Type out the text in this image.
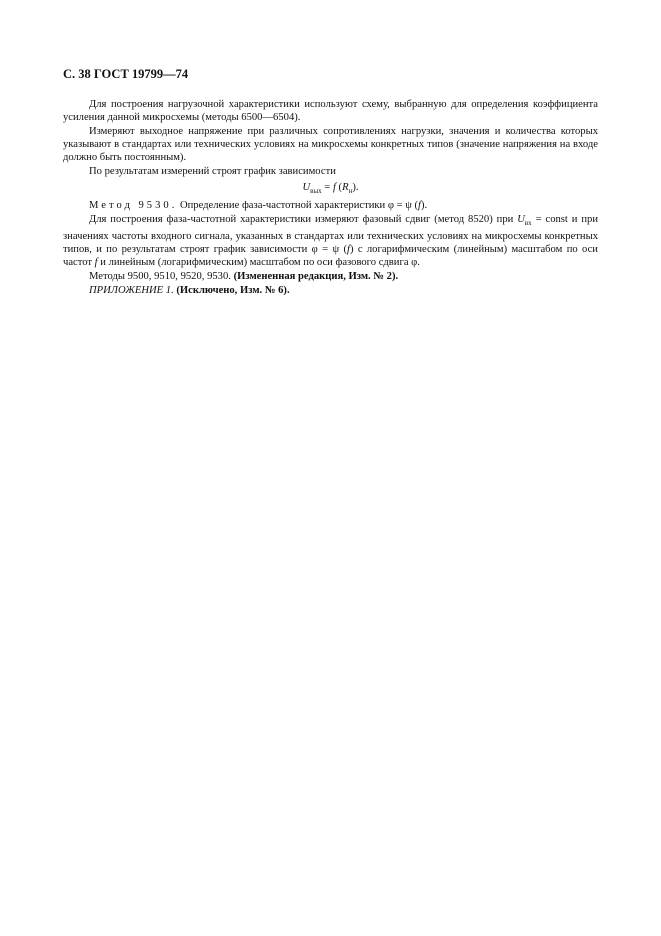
С. 38 ГОСТ 19799—74

Для построения нагрузочной характеристики используют схему, выбранную для определения коэффициента усиления данной микросхемы (методы 6500—6504).

Измеряют выходное напряжение при различных сопротивлениях нагрузки, значения и количества которых указывают в стандартах или технических условиях на микросхемы конкретных типов (значение напряжения на входе должно быть постоянным).

По результатам измерений строят график зависимости

$U_{вых} = f$ $(R_н)$.

Метод 9530. Определение фаза-частотной характеристики φ = ψ (f).

Для построения фаза-частотной характеристики измеряют фазовый сдвиг (метод 8520) при $U_{вх}$ = const и при значениях частоты входного сигнала, указанных в стандартах или технических условиях на микросхемы конкретных типов, и по результатам строят график зависимости φ = ψ (f) с логарифмическим (линейным) масштабом по оси частот f и линейным (логарифмическим) масштабом по оси фазового сдвига φ.

Методы 9500, 9510, 9520, 9530. (Измененная редакция, Изм. № 2).

ПРИЛОЖЕНИЕ 1. (Исключено, Изм. № 6).
